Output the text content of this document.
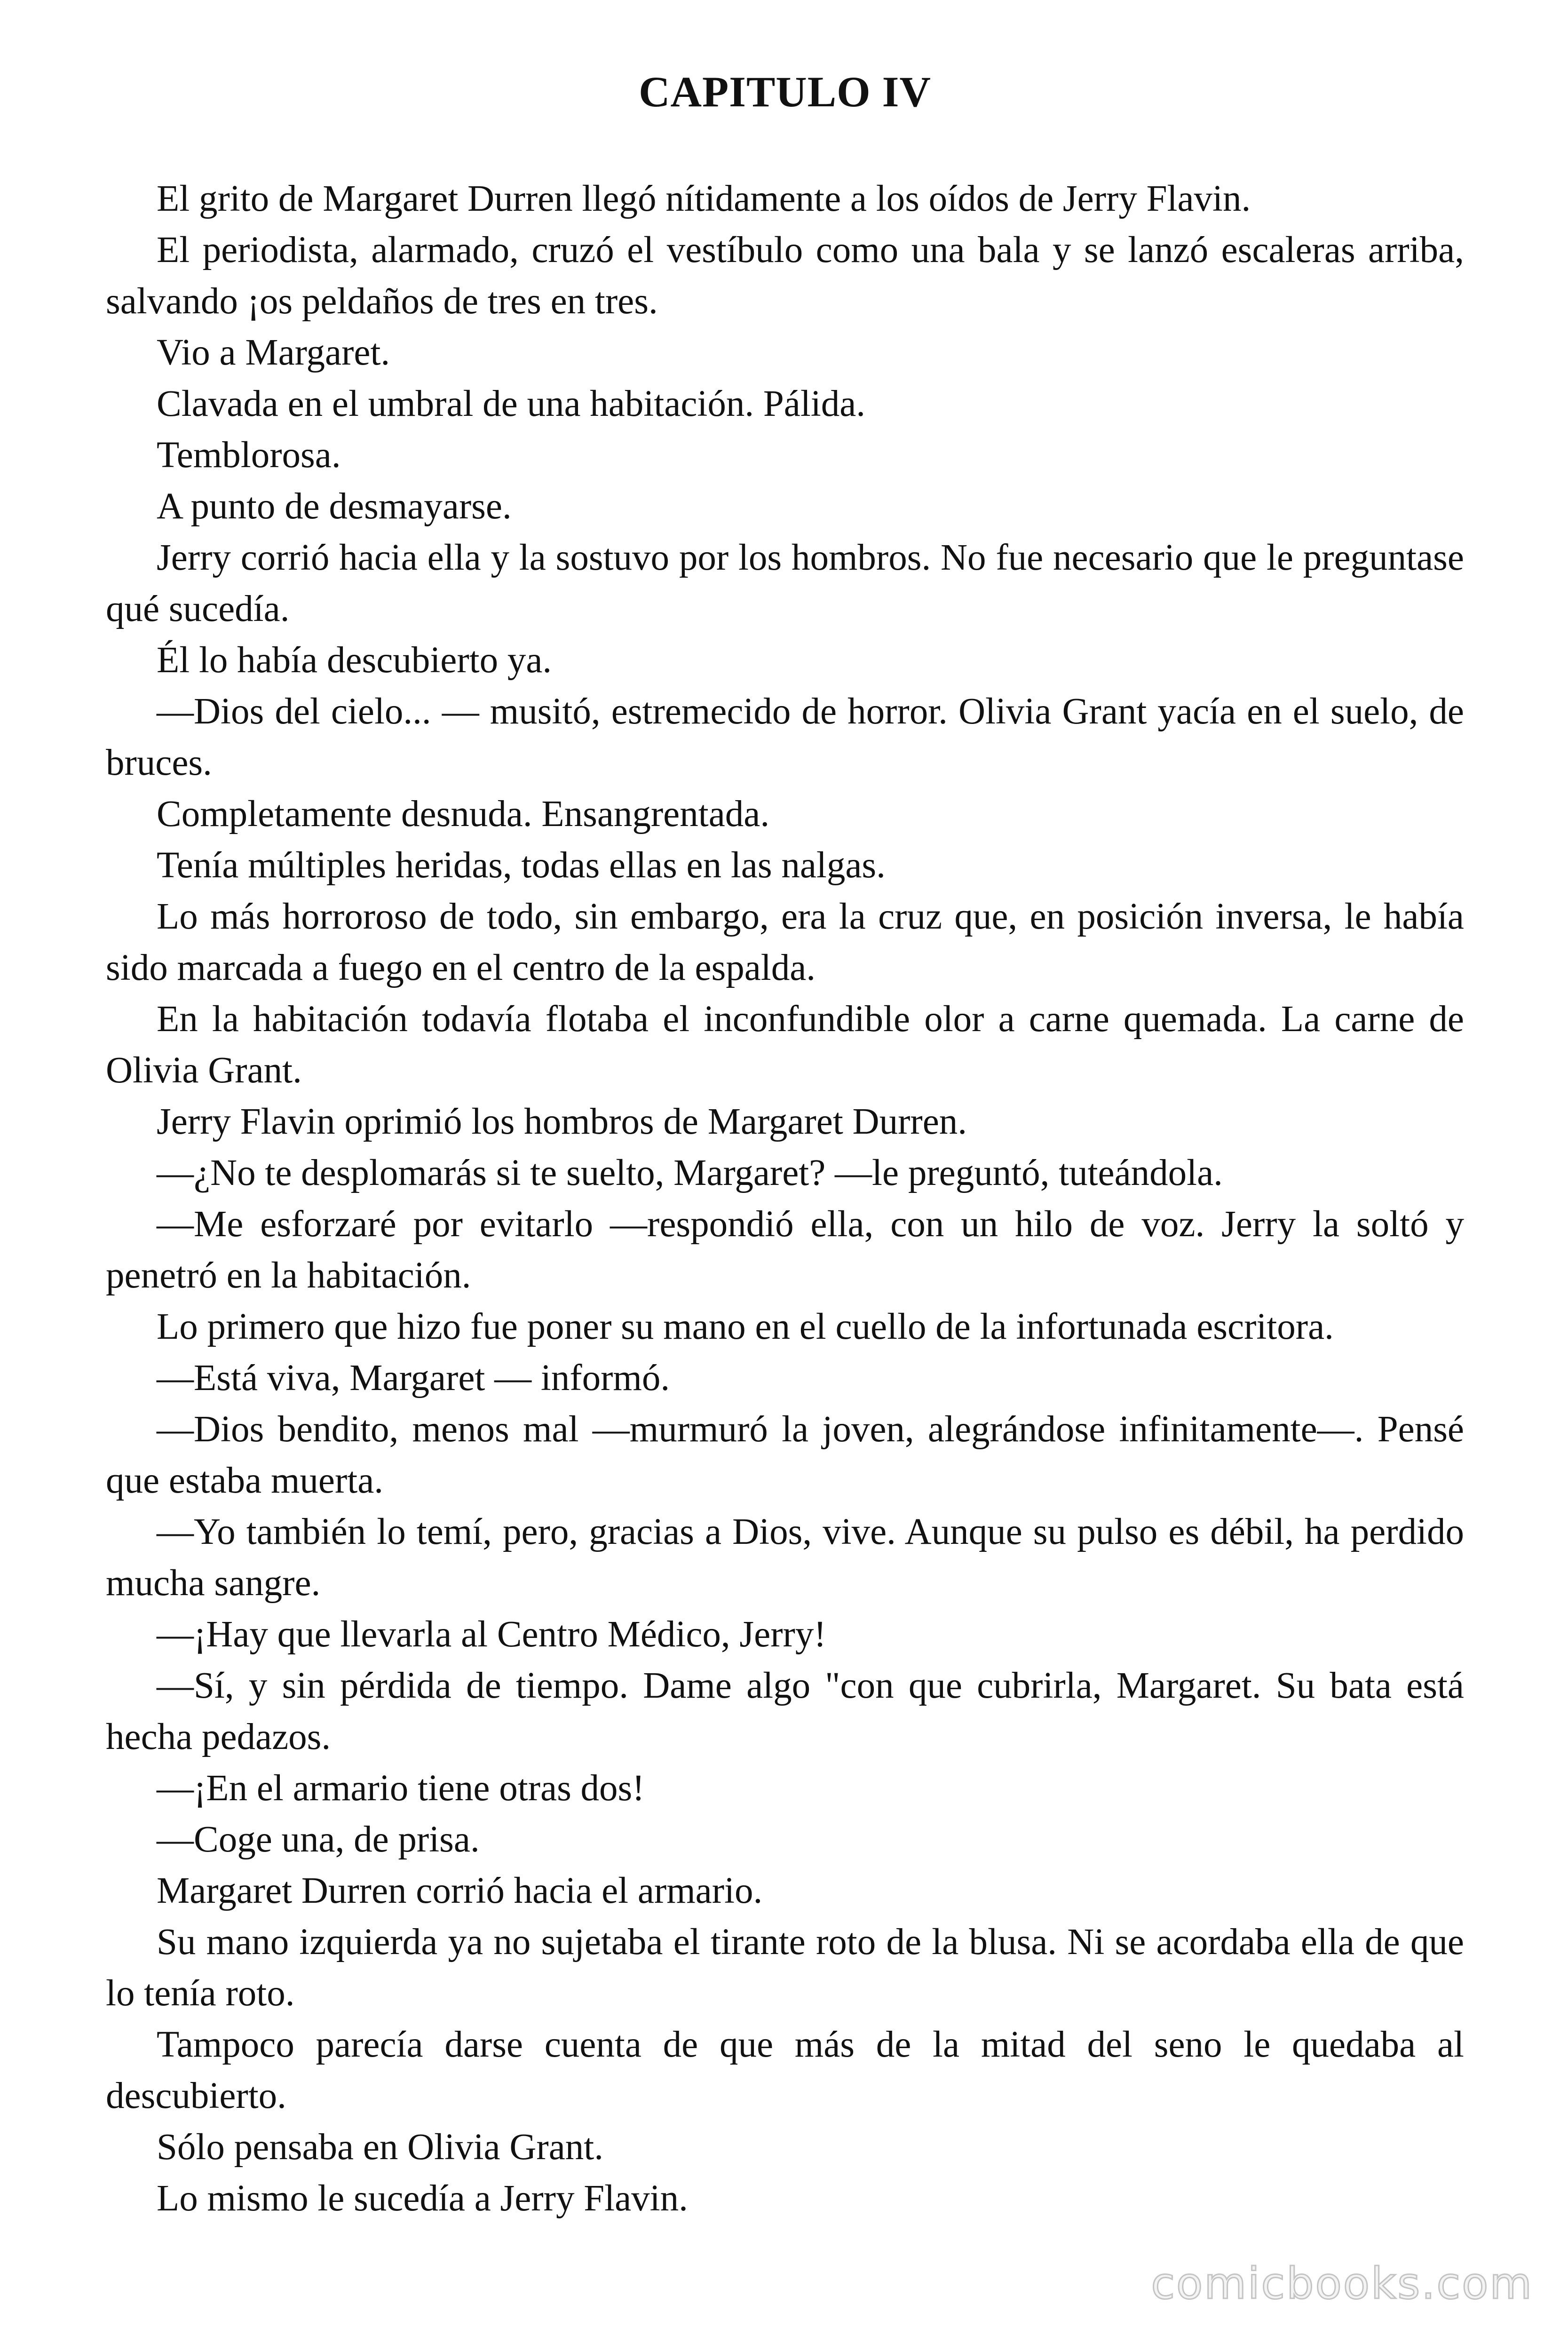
CAPITULO IV

El grito de Margaret Durren llegó nítidamente a los oídos de Jerry Flavin.

El periodista, alarmado, cruzó el vestíbulo como una bala y se lanzó escaleras arriba, salvando ¡os peldaños de tres en tres.

Vio a Margaret.

Clavada en el umbral de una habitación. Pálida.

Temblorosa.

A punto de desmayarse.

Jerry corrió hacia ella y la sostuvo por los hombros. No fue necesario que le preguntase qué sucedía.

Él lo había descubierto ya.

—Dios del cielo... — musitó, estremecido de horror. Olivia Grant yacía en el suelo, de bruces.

Completamente desnuda. Ensangrentada.

Tenía múltiples heridas, todas ellas en las nalgas.

Lo más horroroso de todo, sin embargo, era la cruz que, en posición inversa, le había sido marcada a fuego en el centro de la espalda.

En la habitación todavía flotaba el inconfundible olor a carne quemada. La carne de Olivia Grant.

Jerry Flavin oprimió los hombros de Margaret Durren.

—¿No te desplomarás si te suelto, Margaret? —le preguntó, tuteándola.

—Me esforzaré por evitarlo —respondió ella, con un hilo de voz. Jerry la soltó y penetró en la habitación.

Lo primero que hizo fue poner su mano en el cuello de la infortunada escritora.

—Está viva, Margaret — informó.

—Dios bendito, menos mal —murmuró la joven, alegrándose infinitamente—. Pensé que estaba muerta.

—Yo también lo temí, pero, gracias a Dios, vive. Aunque su pulso es débil, ha perdido mucha sangre.

—¡Hay que llevarla al Centro Médico, Jerry!

—Sí, y sin pérdida de tiempo. Dame algo "con que cubrirla, Margaret. Su bata está hecha pedazos.

—¡En el armario tiene otras dos!

—Coge una, de prisa.

Margaret Durren corrió hacia el armario.

Su mano izquierda ya no sujetaba el tirante roto de la blusa. Ni se acordaba ella de que lo tenía roto.

Tampoco parecía darse cuenta de que más de la mitad del seno le quedaba al descubierto.

Sólo pensaba en Olivia Grant.

Lo mismo le sucedía a Jerry Flavin.

comicbooks.com
